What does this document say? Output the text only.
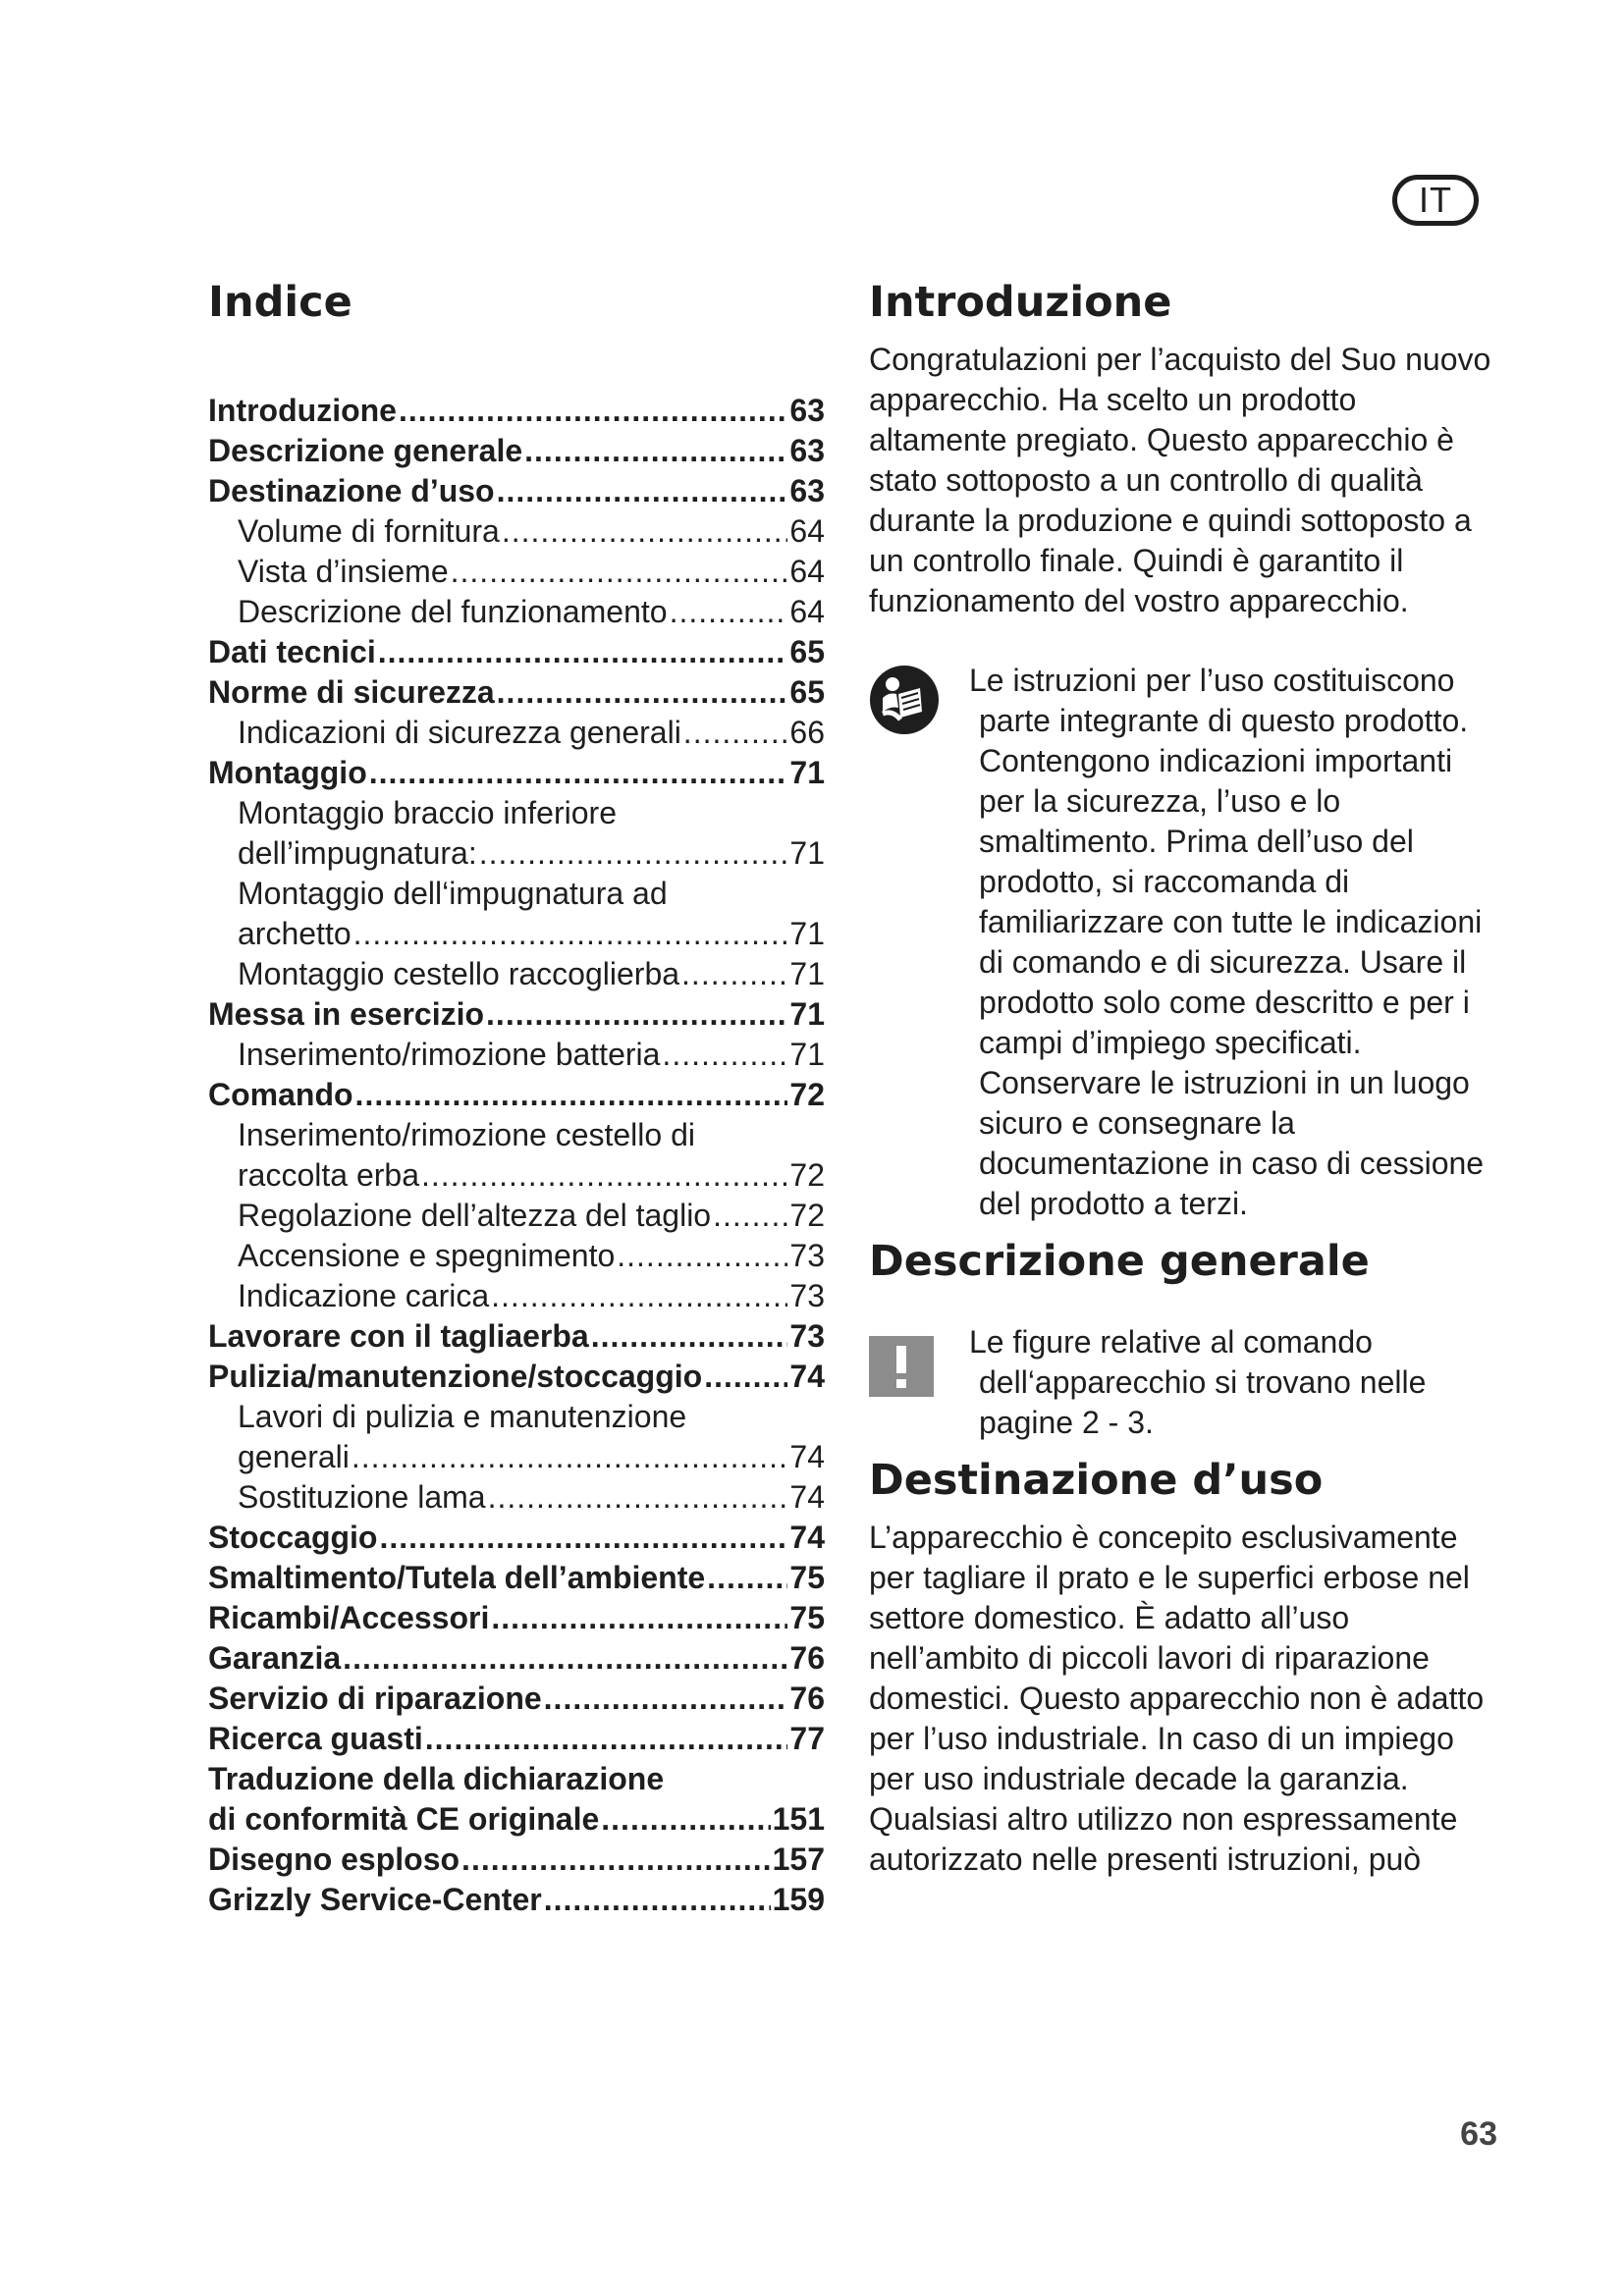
IT
Indice
Introduzione .....	63
Descrizione generale .....	63
Destinazione d’uso .....	63
Volume di fornitura .....	64
Vista d’insieme .....	64
Descrizione del funzionamento .....	64
Dati tecnici .....	65
Norme di sicurezza .....	65
Indicazioni di sicurezza generali .....	66
Montaggio .....	71
Montaggio braccio inferiore
dell’impugnatura: .....	71
Montaggio dell‘impugnatura ad
archetto .....	71
Montaggio cestello raccoglierba .....	71
Messa in esercizio .....	71
Inserimento/rimozione batteria .....	71
Comando .....	72
Inserimento/rimozione cestello di
raccolta erba .....	72
Regolazione dell’altezza del taglio .....	72
Accensione e spegnimento .....	73
Indicazione carica .....	73
Lavorare con il tagliaerba .....	73
Pulizia/manutenzione/stoccaggio .....	74
Lavori di pulizia e manutenzione
generali .....	74
Sostituzione lama .....	74
Stoccaggio .....	74
Smaltimento/Tutela dell’ambiente .....	75
Ricambi/Accessori .....	75
Garanzia .....	76
Servizio di riparazione .....	76
Ricerca guasti .....	77
Traduzione della dichiarazione
di conformità CE originale .....	151
Disegno esploso .....	157
Grizzly Service-Center .....	159
Introduzione

Congratulazioni per l’acquisto del Suo nuovo apparecchio. Ha scelto un prodotto altamente pregiato. Questo apparecchio è stato sottoposto a un controllo di qualità durante la produzione e quindi sottoposto a un controllo finale. Quindi è garantito il funzionamento del vostro apparecchio.

Le istruzioni per l’uso costituiscono parte integrante di questo prodotto. Contengono indicazioni importanti per la sicurezza, l’uso e lo smaltimento. Prima dell’uso del prodotto, si raccomanda di familiarizzare con tutte le indicazioni di comando e di sicurezza. Usare il prodotto solo come descritto e per i campi d’impiego specificati. Conservare le istruzioni in un luogo sicuro e consegnare la documentazione in caso di cessione del prodotto a terzi.

Descrizione generale

Le figure relative al comando dell‘apparecchio si trovano nelle pagine 2 - 3.

Destinazione d’uso

L’apparecchio è concepito esclusivamente per tagliare il prato e le superfici erbose nel settore domestico. È adatto all’uso nell’ambito di piccoli lavori di riparazione domestici. Questo apparecchio non è adatto per l’uso industriale. In caso di un impiego per uso industriale decade la garanzia. Qualsiasi altro utilizzo non espressamente autorizzato nelle presenti istruzioni, può

63
